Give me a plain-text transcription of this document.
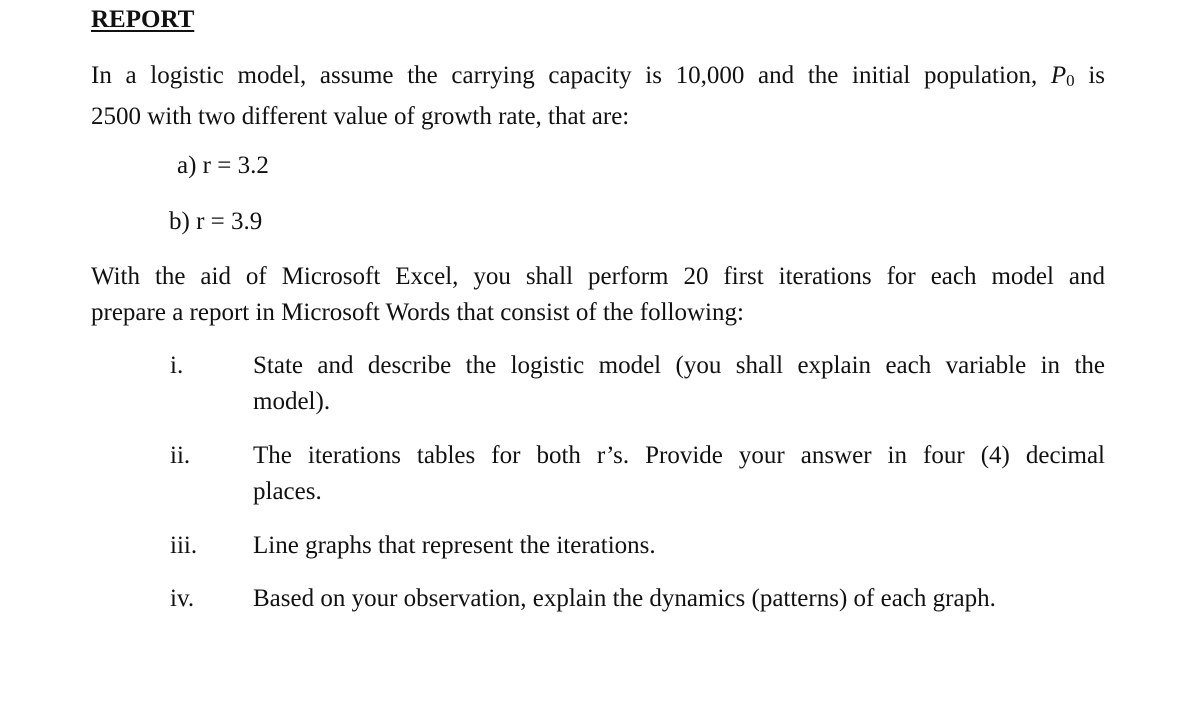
REPORT
In a logistic model, assume the carrying capacity is 10,000 and the initial population, P0 is
2500 with two different value of growth rate, that are:
a) r = 3.2
b) r = 3.9
With the aid of Microsoft Excel, you shall perform 20 first iterations for each model and
prepare a report in Microsoft Words that consist of the following:
i.	State and describe the logistic model (you shall explain each variable in the
model).
ii.	The iterations tables for both r’s. Provide your answer in four (4) decimal
places.
iii. Line graphs that represent the iterations.
iv. Based on your observation, explain the dynamics (patterns) of each graph.
